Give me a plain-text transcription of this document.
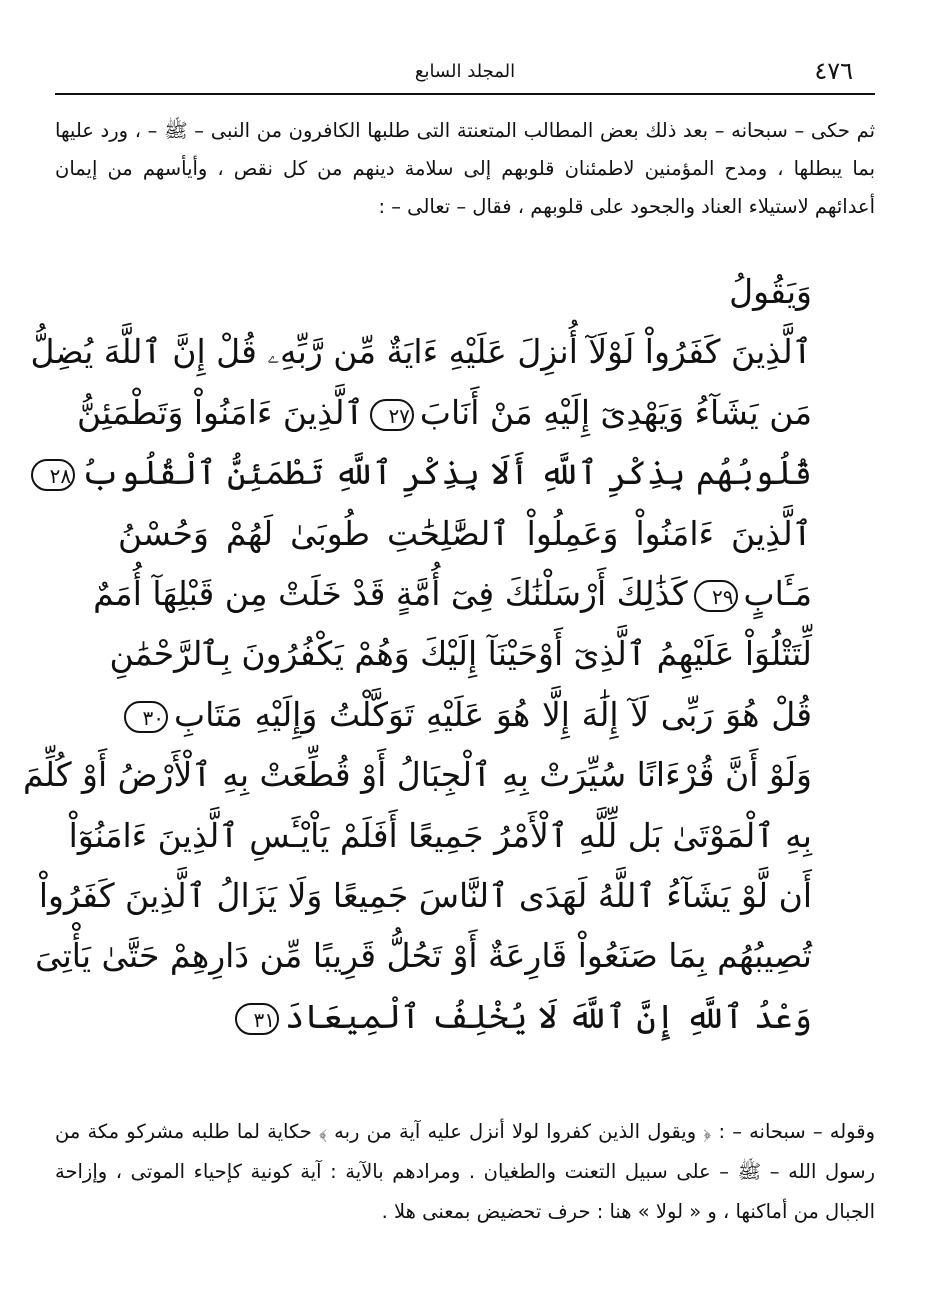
٤٧٦
المجلد السابع

ثم حكى – سبحانه – بعد ذلك بعض المطالب المتعنتة التى طلبها الكافرون من النبى – ﷺ – ، ورد عليها بما يبطلها ، ومدح المؤمنين لاطمئنان قلوبهم إلى سلامة دينهم من كل نقص ، وأيأسهم من إيمان أعدائهم لاستيلاء العناد والجحود على قلوبهم ، فقال – تعالى – :

وَيَقُولُ
ٱلَّذِينَ كَفَرُواْ لَوْلَآ أُنزِلَ عَلَيْهِ ءَايَةٌ مِّن رَّبِّهِۦ قُلْ إِنَّ ٱللَّهَ يُضِلُّ
مَن يَشَآءُ وَيَهْدِىٓ إِلَيْهِ مَنْ أَنَابَ٢٧ٱلَّذِينَ ءَامَنُواْ وَتَطْمَئِنُّ
قُلُوبُهُم بِذِكْرِ ٱللَّهِ أَلَا بِذِكْرِ ٱللَّهِ تَطْمَئِنُّ ٱلْقُلُوبُ٢٨
ٱلَّذِينَ ءَامَنُواْ وَعَمِلُواْ ٱلصَّٰلِحَٰتِ طُوبَىٰ لَهُمْ وَحُسْنُ
مَـَٔابٍ٢٩كَذَٰلِكَ أَرْسَلْنَٰكَ فِىٓ أُمَّةٍ قَدْ خَلَتْ مِن قَبْلِهَآ أُمَمٌ
لِّتَتْلُوَاْ عَلَيْهِمُ ٱلَّذِىٓ أَوْحَيْنَآ إِلَيْكَ وَهُمْ يَكْفُرُونَ بِٱلرَّحْمَٰنِ
قُلْ هُوَ رَبِّى لَآ إِلَٰهَ إِلَّا هُوَ عَلَيْهِ تَوَكَّلْتُ وَإِلَيْهِ مَتَابِ٣٠
وَلَوْ أَنَّ قُرْءَانًا سُيِّرَتْ بِهِ ٱلْجِبَالُ أَوْ قُطِّعَتْ بِهِ ٱلْأَرْضُ أَوْ كُلِّمَ
بِهِ ٱلْمَوْتَىٰ بَل لِّلَّهِ ٱلْأَمْرُ جَمِيعًا أَفَلَمْ يَاْيْـَٔسِ ٱلَّذِينَ ءَامَنُوٓاْ
أَن لَّوْ يَشَآءُ ٱللَّهُ لَهَدَى ٱلنَّاسَ جَمِيعًا وَلَا يَزَالُ ٱلَّذِينَ كَفَرُواْ
تُصِيبُهُم بِمَا صَنَعُواْ قَارِعَةٌ أَوْ تَحُلُّ قَرِيبًا مِّن دَارِهِمْ حَتَّىٰ يَأْتِىَ
وَعْدُ ٱللَّهِ إِنَّ ٱللَّهَ لَا يُخْلِفُ ٱلْمِيعَادَ٣١

وقوله – سبحانه – : ﴿ ويقول الذين كفروا لولا أنزل عليه آية من ربه ﴾ حكاية لما طلبه مشركو مكة من رسول الله – ﷺ – على سبيل التعنت والطغيان . ومرادهم بالآية : آية كونية كإحياء الموتى ، وإزاحة الجبال من أماكنها ، و « لولا » هنا : حرف تحضيض بمعنى هلا .
